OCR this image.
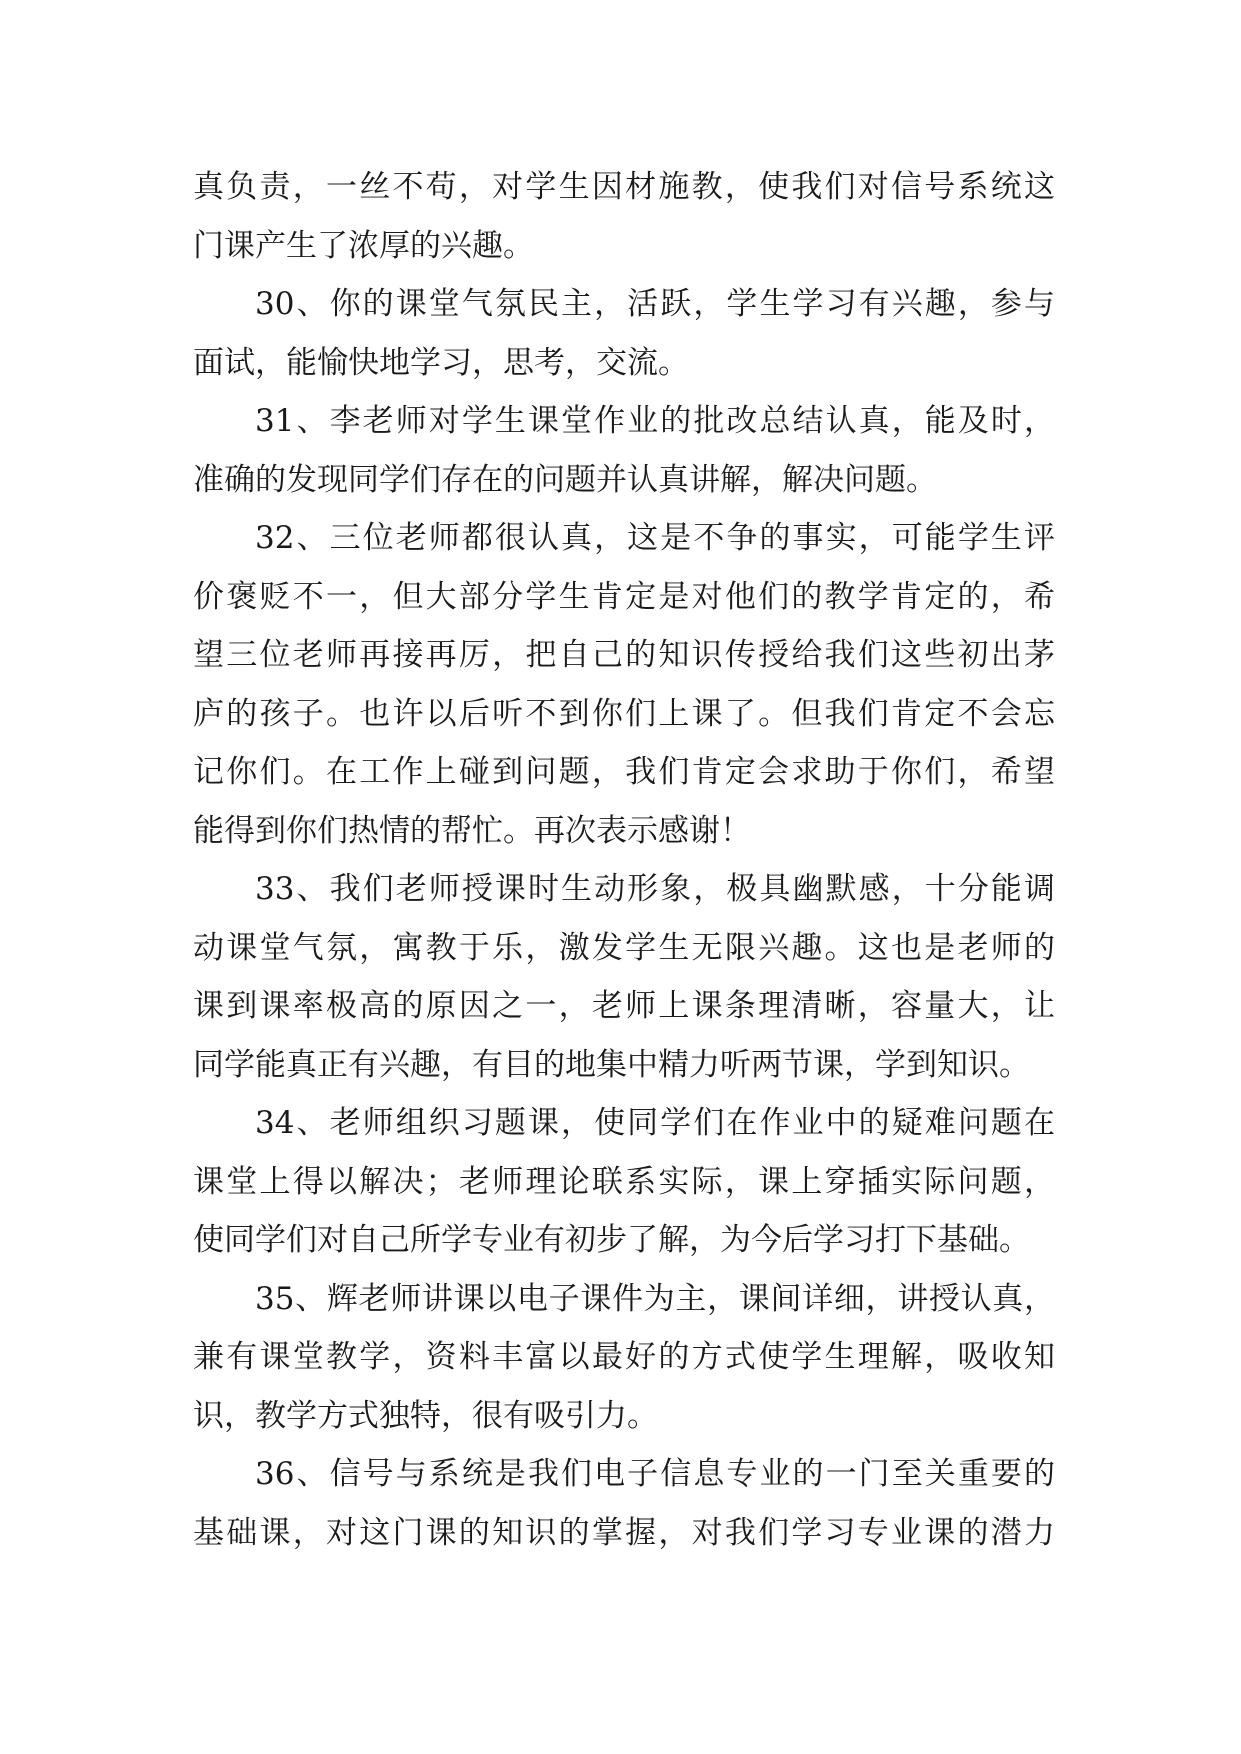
真负责，一丝不苟，对学生因材施教，使我们对信号系统这
门课产生了浓厚的兴趣。
30、你的课堂气氛民主，活跃，学生学习有兴趣，参与
面试，能愉快地学习，思考，交流。
31、李老师对学生课堂作业的批改总结认真，能及时，
准确的发现同学们存在的问题并认真讲解，解决问题。
32、三位老师都很认真，这是不争的事实，可能学生评
价褒贬不一，但大部分学生肯定是对他们的教学肯定的，希
望三位老师再接再厉，把自己的知识传授给我们这些初出茅
庐的孩子。也许以后听不到你们上课了。但我们肯定不会忘
记你们。在工作上碰到问题，我们肯定会求助于你们，希望
能得到你们热情的帮忙。再次表示感谢！
33、我们老师授课时生动形象，极具幽默感，十分能调
动课堂气氛，寓教于乐，激发学生无限兴趣。这也是老师的
课到课率极高的原因之一，老师上课条理清晰，容量大，让
同学能真正有兴趣，有目的地集中精力听两节课，学到知识。
34、老师组织习题课，使同学们在作业中的疑难问题在
课堂上得以解决；老师理论联系实际，课上穿插实际问题，
使同学们对自己所学专业有初步了解，为今后学习打下基础。
35、辉老师讲课以电子课件为主，课间详细，讲授认真，
兼有课堂教学，资料丰富以最好的方式使学生理解，吸收知
识，教学方式独特，很有吸引力。
36、信号与系统是我们电子信息专业的一门至关重要的
基础课，对这门课的知识的掌握，对我们学习专业课的潜力
